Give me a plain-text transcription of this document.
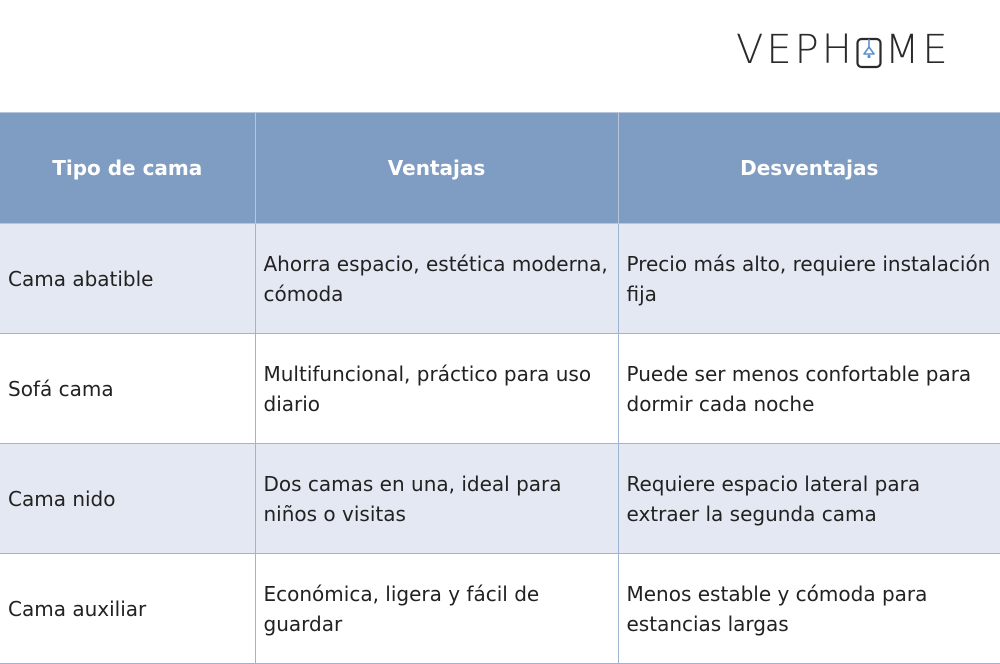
VEPH ME
Tipo de cama	Ventajas	Desventajas
Cama abatible	Ahorra espacio, estética moderna, cómoda	Precio más alto, requiere instalación fija
Sofá cama	Multifuncional, práctico para uso diario	Puede ser menos confortable para dormir cada noche
Cama nido	Dos camas en una, ideal para niños o visitas	Requiere espacio lateral para extraer la segunda cama
Cama auxiliar	Económica, ligera y fácil de guardar	Menos estable y cómoda para estancias largas
